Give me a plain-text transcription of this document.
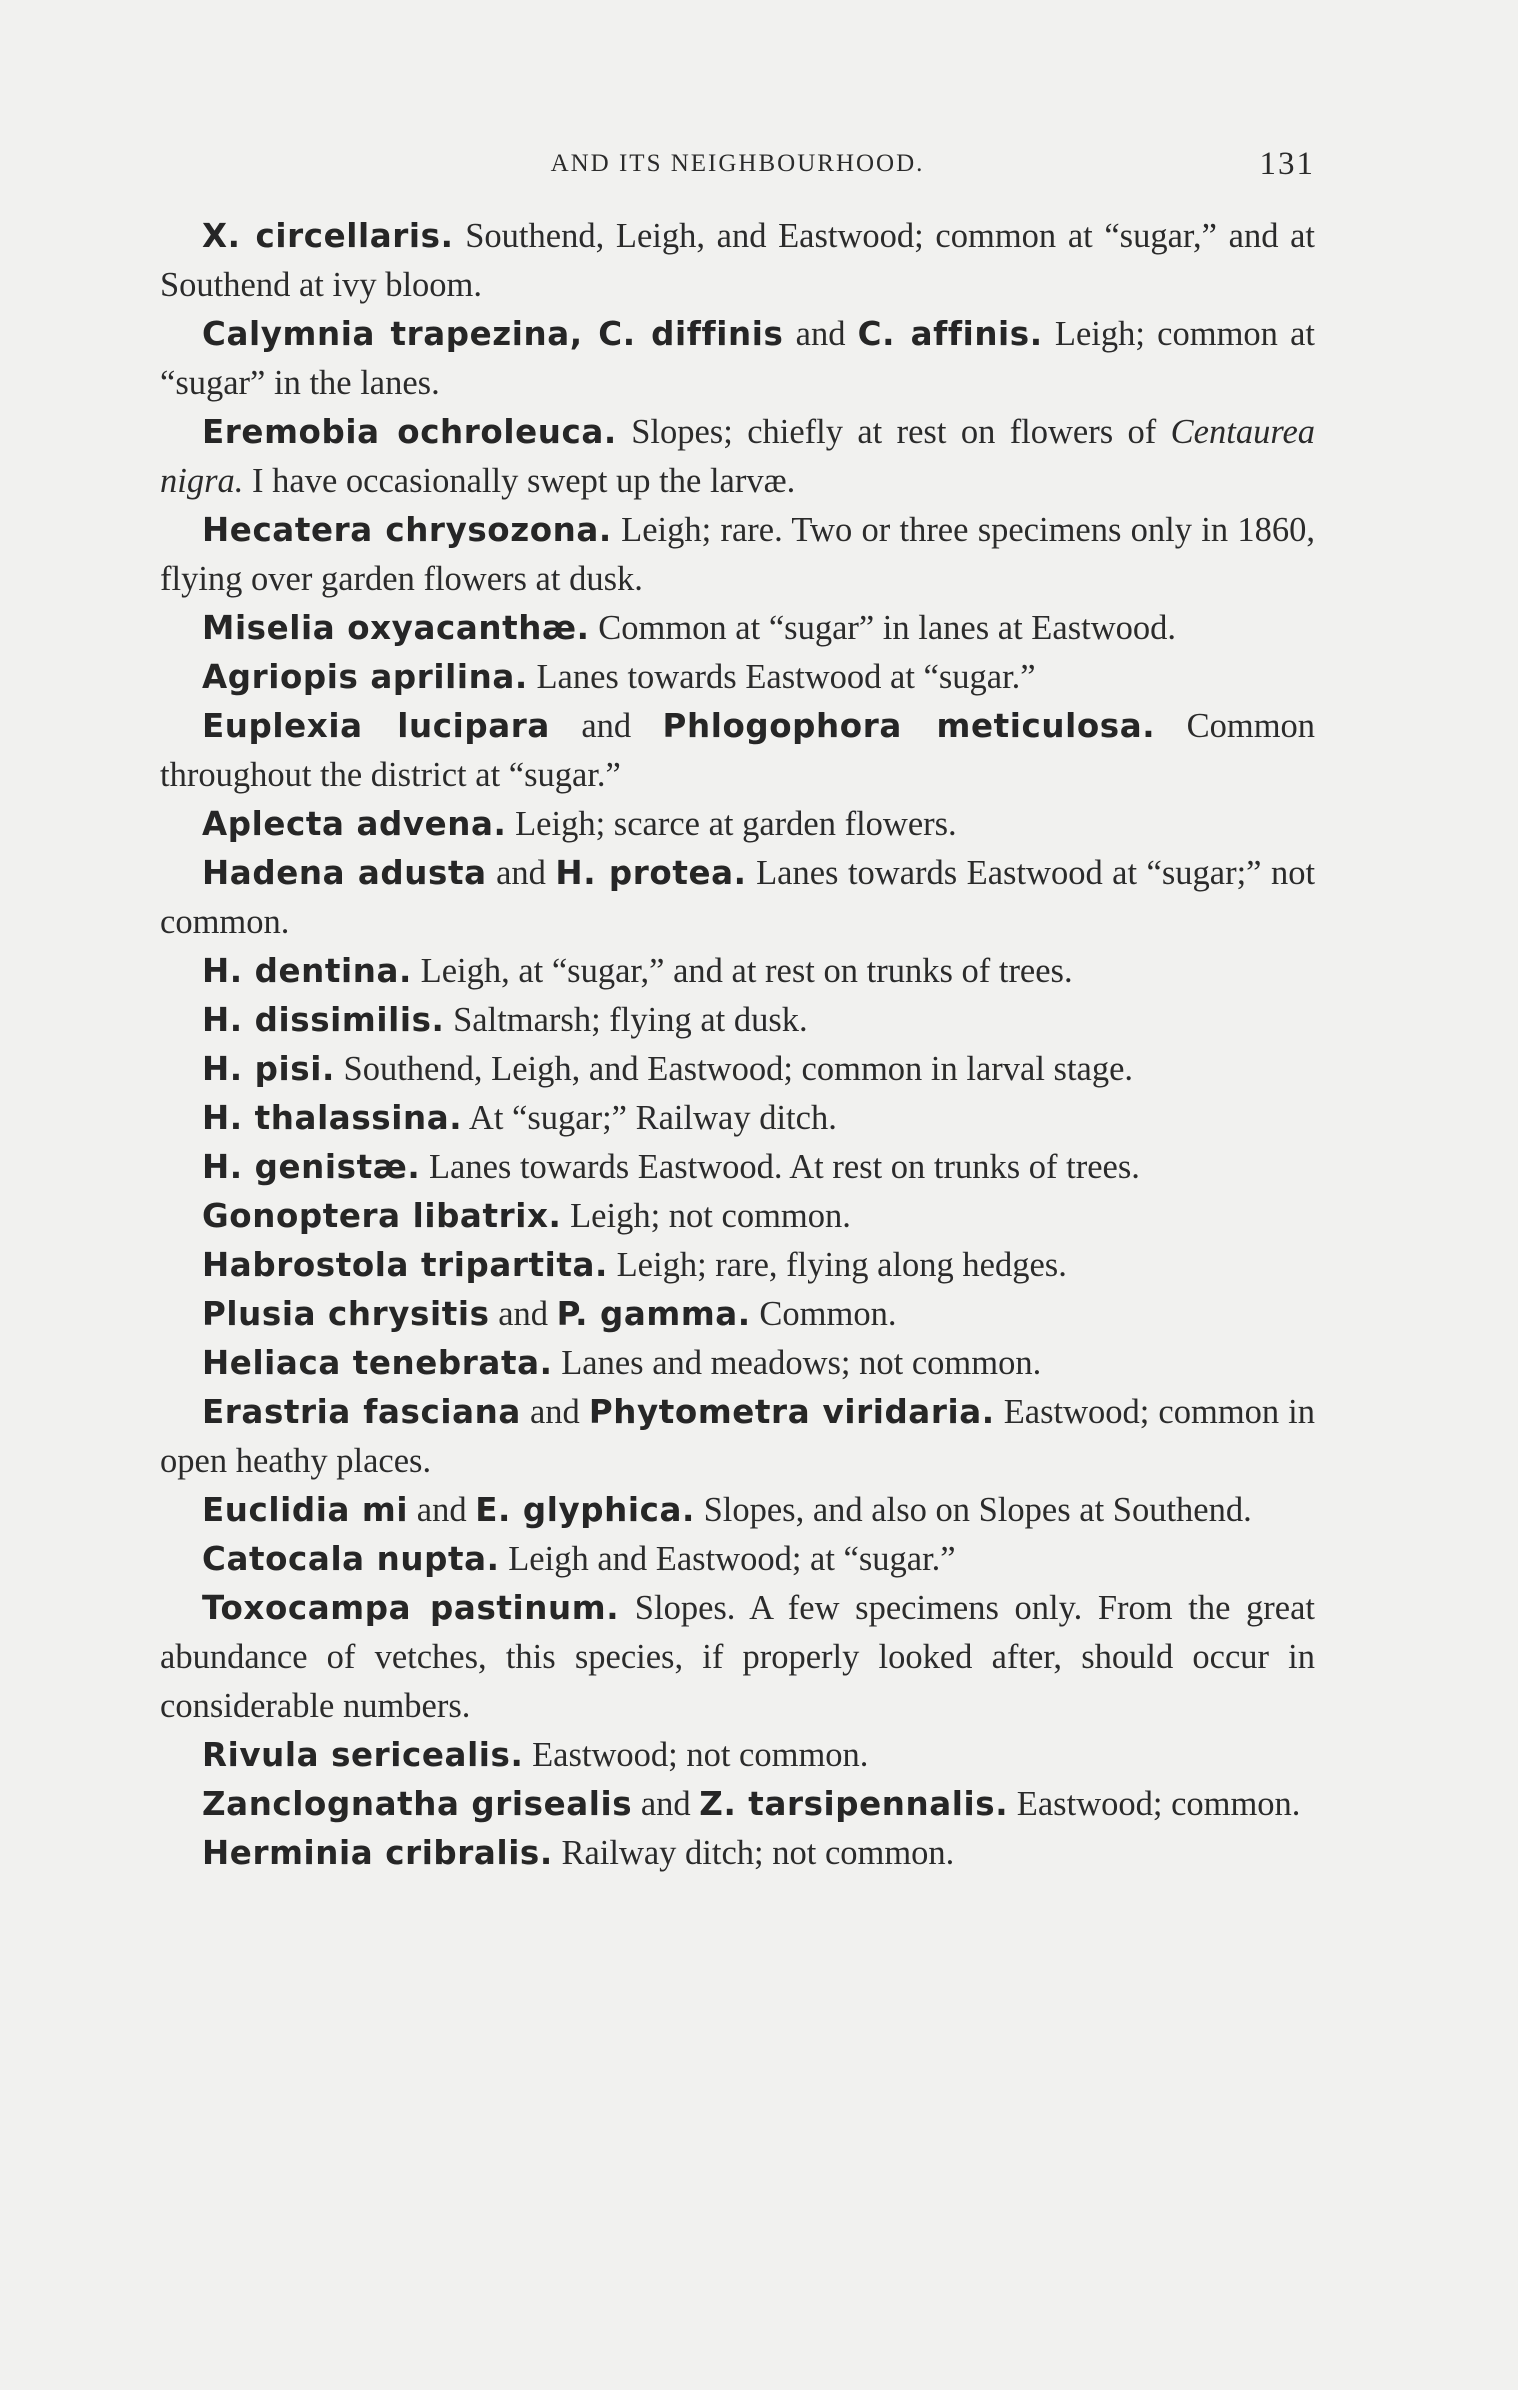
AND ITS NEIGHBOURHOOD.	131

X. circellaris. Southend, Leigh, and Eastwood; common at “sugar,” and at Southend at ivy bloom.

Calymnia trapezina, C. diffinis and C. affinis. Leigh; common at “sugar” in the lanes.

Eremobia ochroleuca. Slopes; chiefly at rest on flowers of Centaurea nigra. I have occasionally swept up the larvæ.

Hecatera chrysozona. Leigh; rare. Two or three specimens only in 1860, flying over garden flowers at dusk.

Miselia oxyacanthæ. Common at “sugar” in lanes at Eastwood.

Agriopis aprilina. Lanes towards Eastwood at “sugar.”

Euplexia lucipara and Phlogophora meticulosa. Common throughout the district at “sugar.”

Aplecta advena. Leigh; scarce at garden flowers.

Hadena adusta and H. protea. Lanes towards Eastwood at “sugar;” not common.

H. dentina. Leigh, at “sugar,” and at rest on trunks of trees.

H. dissimilis. Saltmarsh; flying at dusk.

H. pisi. Southend, Leigh, and Eastwood; common in larval stage.

H. thalassina. At “sugar;” Railway ditch.

H. genistæ. Lanes towards Eastwood. At rest on trunks of trees.

Gonoptera libatrix. Leigh; not common.

Habrostola tripartita. Leigh; rare, flying along hedges.

Plusia chrysitis and P. gamma. Common.

Heliaca tenebrata. Lanes and meadows; not common.

Erastria fasciana and Phytometra viridaria. Eastwood; common in open heathy places.

Euclidia mi and E. glyphica. Slopes, and also on Slopes at Southend.

Catocala nupta. Leigh and Eastwood; at “sugar.”

Toxocampa pastinum. Slopes. A few specimens only. From the great abundance of vetches, this species, if properly looked after, should occur in considerable numbers.

Rivula sericealis. Eastwood; not common.

Zanclognatha grisealis and Z. tarsipennalis. Eastwood; common.

Herminia cribralis. Railway ditch; not common.
